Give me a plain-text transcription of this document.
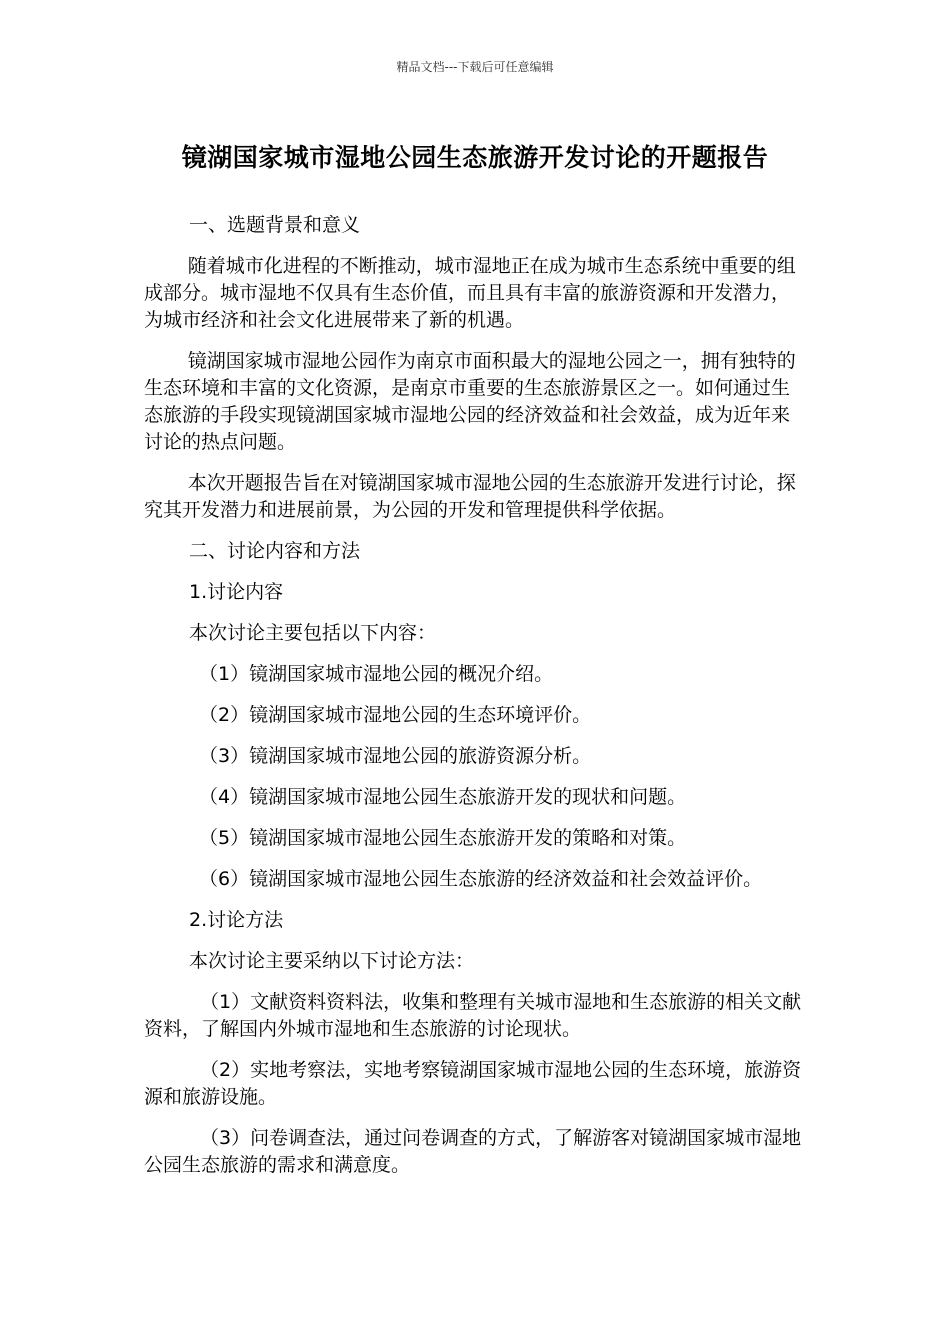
精品文档---下载后可任意编辑
镜湖国家城市湿地公园生态旅游开发讨论的开题报告

一、选题背景和意义

随着城市化进程的不断推动，城市湿地正在成为城市生态系统中重要的组成部分。城市湿地不仅具有生态价值，而且具有丰富的旅游资源和开发潜力，为城市经济和社会文化进展带来了新的机遇。

镜湖国家城市湿地公园作为南京市面积最大的湿地公园之一，拥有独特的生态环境和丰富的文化资源，是南京市重要的生态旅游景区之一。如何通过生态旅游的手段实现镜湖国家城市湿地公园的经济效益和社会效益，成为近年来讨论的热点问题。

本次开题报告旨在对镜湖国家城市湿地公园的生态旅游开发进行讨论，探究其开发潜力和进展前景，为公园的开发和管理提供科学依据。

二、讨论内容和方法

1.讨论内容

本次讨论主要包括以下内容：

（1）镜湖国家城市湿地公园的概况介绍。

（2）镜湖国家城市湿地公园的生态环境评价。

（3）镜湖国家城市湿地公园的旅游资源分析。

（4）镜湖国家城市湿地公园生态旅游开发的现状和问题。

（5）镜湖国家城市湿地公园生态旅游开发的策略和对策。

（6）镜湖国家城市湿地公园生态旅游的经济效益和社会效益评价。

2.讨论方法

本次讨论主要采纳以下讨论方法：

（1）文献资料资料法，收集和整理有关城市湿地和生态旅游的相关文献资料，了解国内外城市湿地和生态旅游的讨论现状。

（2）实地考察法，实地考察镜湖国家城市湿地公园的生态环境，旅游资源和旅游设施。

（3）问卷调查法，通过问卷调查的方式，了解游客对镜湖国家城市湿地公园生态旅游的需求和满意度。
